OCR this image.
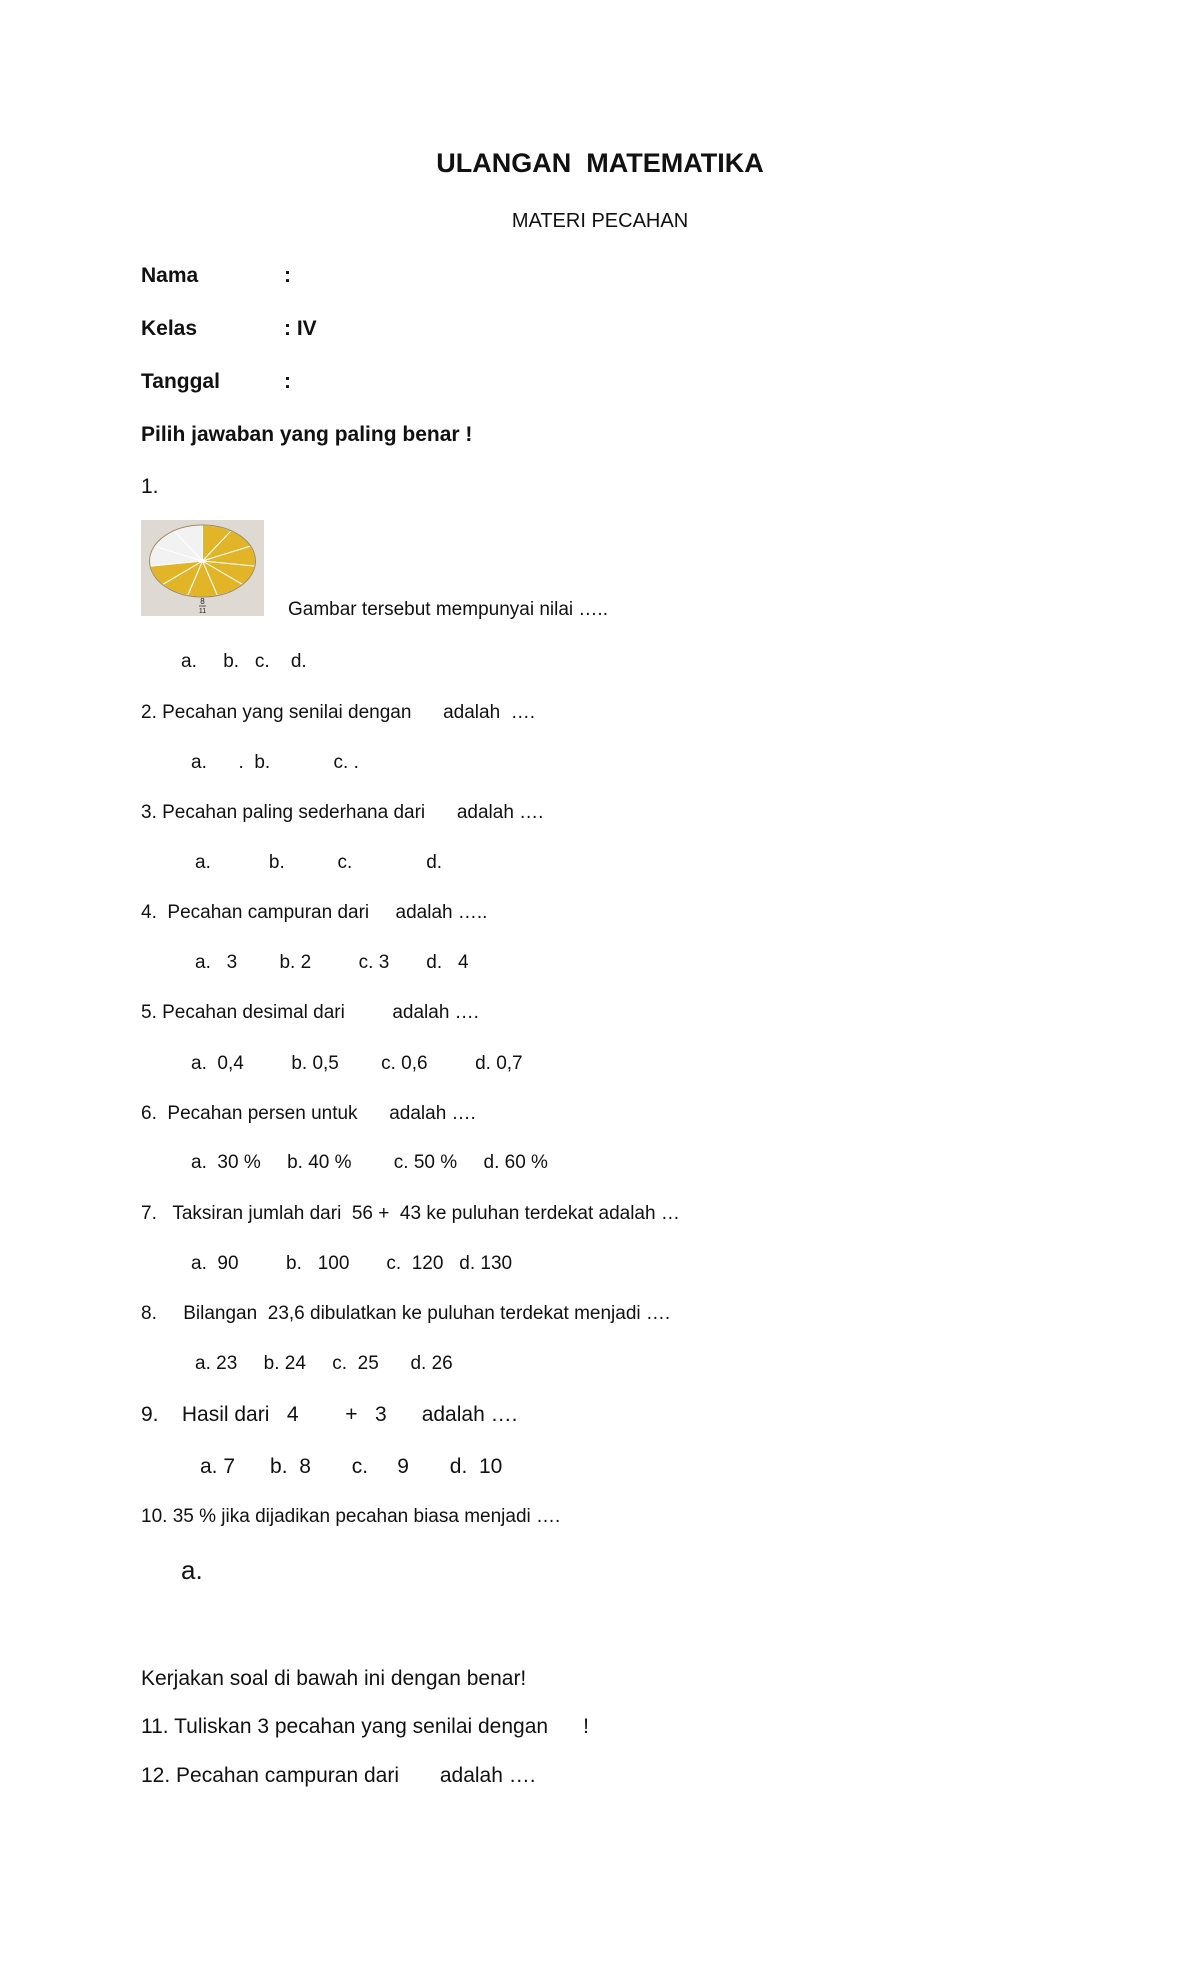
ULANGAN  MATEMATIKA
MATERI PECAHAN
Nama	:
Kelas	: IV
Tanggal	:
Pilih jawaban yang paling benar !
1.
8
11	Gambar tersebut mempunyai nilai …..
a.     b.   c.    d.
2. Pecahan yang senilai dengan      adalah  ….
a.      .  b.            c. .
3. Pecahan paling sederhana dari      adalah ….
a.           b.          c.              d.
4.  Pecahan campuran dari     adalah …..
a.   3        b. 2         c. 3       d.   4
5. Pecahan desimal dari         adalah ….
a.  0,4         b. 0,5        c. 0,6         d. 0,7
6.  Pecahan persen untuk      adalah ….
a.  30 %     b. 40 %        c. 50 %     d. 60 %
7.   Taksiran jumlah dari  56 +  43 ke puluhan terdekat adalah …
a.  90         b.   100       c.  120   d. 130
8.     Bilangan  23,6 dibulatkan ke puluhan terdekat menjadi ….
a. 23     b. 24     c.  25      d. 26
9.    Hasil dari   4        +   3      adalah ….
a. 7      b.  8       c.     9       d.  10
10. 35 % jika dijadikan pecahan biasa menjadi ….
a.
Kerjakan soal di bawah ini dengan benar!
11. Tuliskan 3 pecahan yang senilai dengan      !
12. Pecahan campuran dari       adalah ….
